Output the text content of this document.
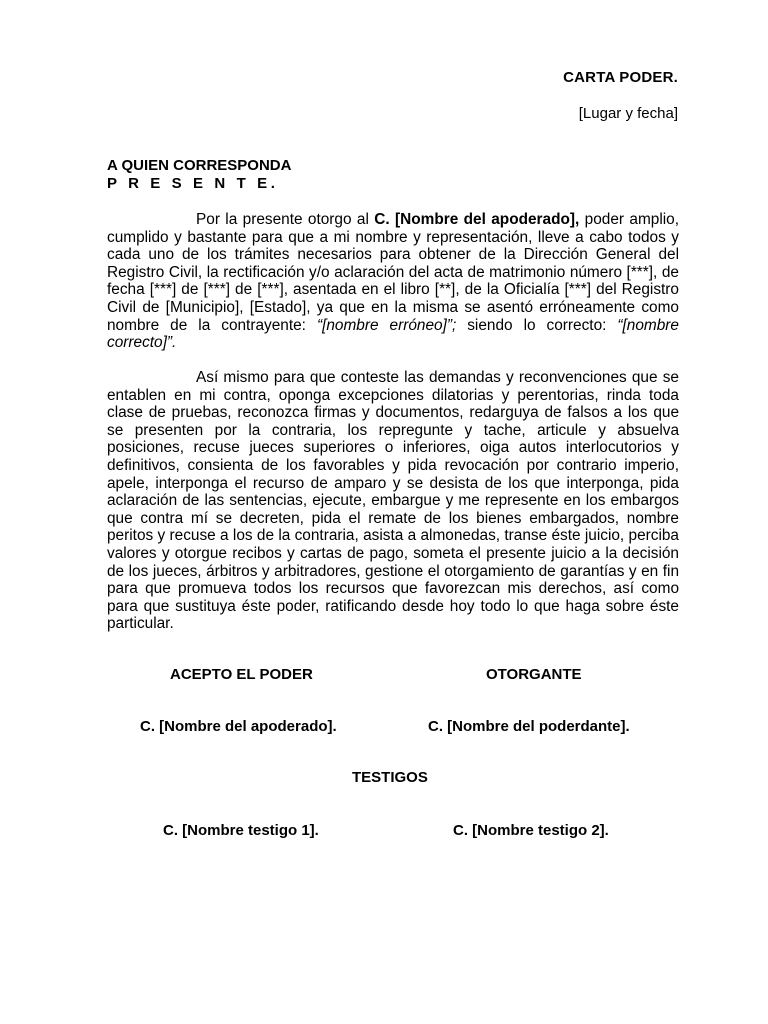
CARTA PODER.
[Lugar y fecha]
A QUIEN CORRESPONDA
P R E S E N T E.

Por la presente otorgo al C. [Nombre del apoderado], poder amplio, cumplido y bastante para que a mi nombre y representación, lleve a cabo todos y cada uno de los trámites necesarios para obtener de la Dirección General del Registro Civil, la rectificación y/o aclaración del acta de matrimonio número [***], de fecha [***] de [***] de [***], asentada en el libro [**], de la Oficialía [***] del Registro Civil de [Municipio], [Estado], ya que en la misma se asentó erróneamente como nombre de la contrayente: “[nombre erróneo]”; siendo lo correcto: “[nombre correcto]”.

Así mismo para que conteste las demandas y reconvenciones que se entablen en mi contra, oponga excepciones dilatorias y perentorias, rinda toda clase de pruebas, reconozca firmas y documentos, redarguya de falsos a los que se presenten por la contraria, los repregunte y tache, articule y absuelva posiciones, recuse jueces superiores o inferiores, oiga autos interlocutorios y definitivos, consienta de los favorables y pida revocación por contrario imperio, apele, interponga el recurso de amparo y se desista de los que interponga, pida aclaración de las sentencias, ejecute, embargue y me represente en los embargos que contra mí se decreten, pida el remate de los bienes embargados, nombre peritos y recuse a los de la contraria, asista a almonedas, transe éste juicio, perciba valores y otorgue recibos y cartas de pago, someta el presente juicio a la decisión de los jueces, árbitros y arbitradores, gestione el otorgamiento de garantías y en fin para que promueva todos los recursos que favorezcan mis derechos, así como para que sustituya éste poder, ratificando desde hoy todo lo que haga sobre éste particular.

ACEPTO EL PODER	OTORGANTE
C. [Nombre del apoderado].	C. [Nombre del poderdante].
TESTIGOS
C. [Nombre testigo 1].	C. [Nombre testigo 2].
